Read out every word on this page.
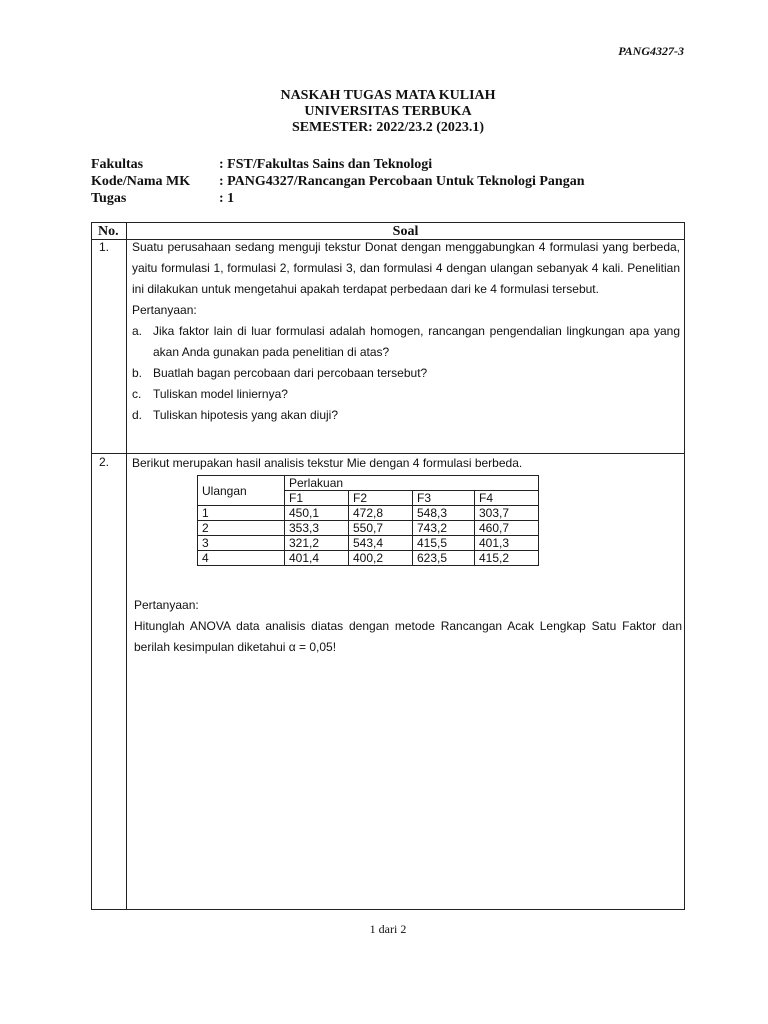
PANG4327-3
NASKAH TUGAS MATA KULIAH
UNIVERSITAS TERBUKA
SEMESTER: 2022/23.2 (2023.1)
Fakultas	: FST/Fakultas Sains dan Teknologi
Kode/Nama MK	: PANG4327/Rancangan Percobaan Untuk Teknologi Pangan
Tugas	: 1
No.	Soal
1. Suatu perusahaan sedang menguji tekstur Donat dengan menggabungkan 4 formulasi yang berbeda, yaitu formulasi 1, formulasi 2, formulasi 3, dan formulasi 4 dengan ulangan sebanyak 4 kali. Penelitian ini dilakukan untuk mengetahui apakah terdapat perbedaan dari ke 4 formulasi tersebut.
Pertanyaan:
a. Jika faktor lain di luar formulasi adalah homogen, rancangan pengendalian lingkungan apa yang akan Anda gunakan pada penelitian di atas?
b. Buatlah bagan percobaan dari percobaan tersebut?
c. Tuliskan model liniernya?
d. Tuliskan hipotesis yang akan diuji?
2. Berikut merupakan hasil analisis tekstur Mie dengan 4 formulasi berbeda.
Ulangan	Perlakuan			
	F1	F2	F3	F4
1	450,1	472,8	548,3	303,7
2	353,3	550,7	743,2	460,7
3	321,2	543,4	415,5	401,3
4	401,4	400,2	623,5	415,2
Pertanyaan:
Hitunglah ANOVA data analisis diatas dengan metode Rancangan Acak Lengkap Satu Faktor dan berilah kesimpulan diketahui α = 0,05!
1 dari 2
